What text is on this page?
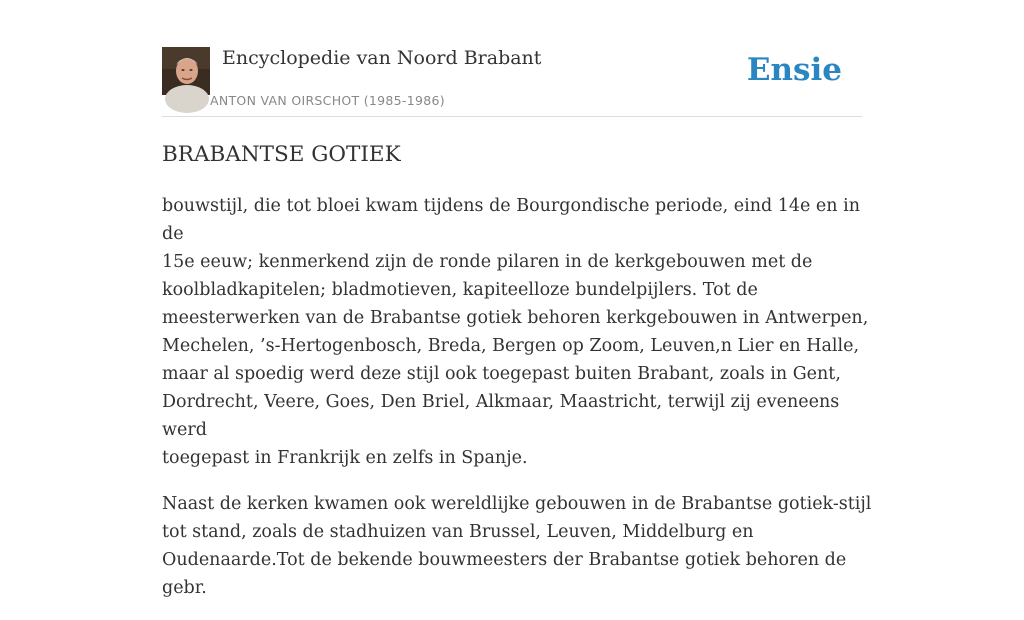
Encyclopedie van Noord Brabant
ANTON VAN OIRSCHOT (1985-1986)
Ensie
BRABANTSE GOTIEK

bouwstijl, die tot bloei kwam tijdens de Bourgondische periode, eind 14e en in de
15e eeuw; kenmerkend zijn de ronde pilaren in de kerkgebouwen met de
koolbladkapitelen; bladmotieven, kapiteelloze bundelpijlers. Tot de
meesterwerken van de Brabantse gotiek behoren kerkgebouwen in Antwerpen,
Mechelen, ’s-Hertogenbosch, Breda, Bergen op Zoom, Leuven,n Lier en Halle,
maar al spoedig werd deze stijl ook toegepast buiten Brabant, zoals in Gent,
Dordrecht, Veere, Goes, Den Briel, Alkmaar, Maastricht, terwijl zij eveneens werd
toegepast in Frankrijk en zelfs in Spanje.

Naast de kerken kwamen ook wereldlijke gebouwen in de Brabantse gotiek-stijl
tot stand, zoals de stadhuizen van Brussel, Leuven, Middelburg en
Oudenaarde.Tot de bekende bouwmeesters der Brabantse gotiek behoren de gebr.
